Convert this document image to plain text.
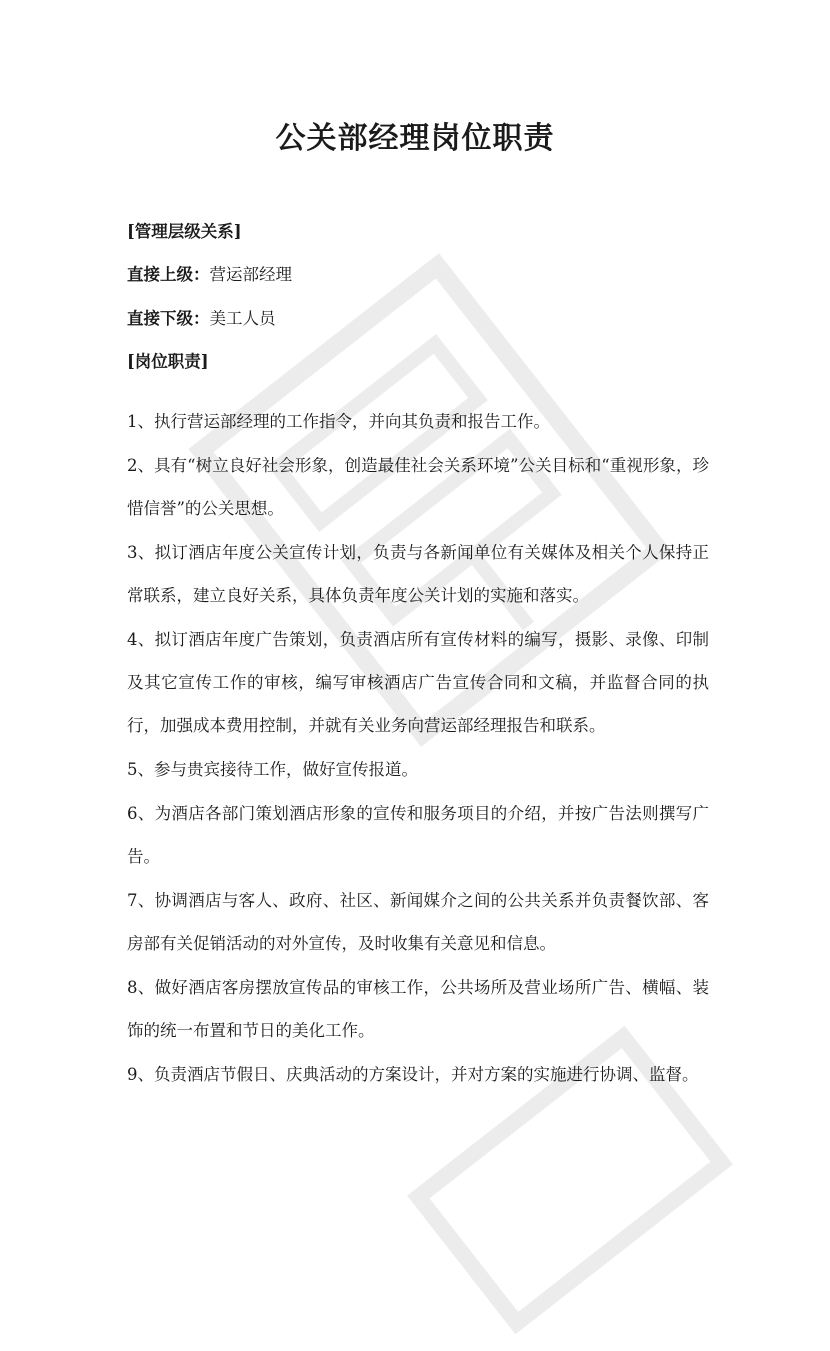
公关部经理岗位职责

[管理层级关系]

直接上级：营运部经理

直接下级：美工人员

[岗位职责]

1、执行营运部经理的工作指令，并向其负责和报告工作。

2、具有“树立良好社会形象，创造最佳社会关系环境”公关目标和“重视形象，珍惜信誉”的公关思想。

3、拟订酒店年度公关宣传计划，负责与各新闻单位有关媒体及相关个人保持正常联系，建立良好关系，具体负责年度公关计划的实施和落实。

4、拟订酒店年度广告策划，负责酒店所有宣传材料的编写，摄影、录像、印制及其它宣传工作的审核，编写审核酒店广告宣传合同和文稿，并监督合同的执行，加强成本费用控制，并就有关业务向营运部经理报告和联系。

5、参与贵宾接待工作，做好宣传报道。

6、为酒店各部门策划酒店形象的宣传和服务项目的介绍，并按广告法则撰写广告。

7、协调酒店与客人、政府、社区、新闻媒介之间的公共关系并负责餐饮部、客房部有关促销活动的对外宣传，及时收集有关意见和信息。

8、做好酒店客房摆放宣传品的审核工作，公共场所及营业场所广告、横幅、装饰的统一布置和节日的美化工作。

9、负责酒店节假日、庆典活动的方案设计，并对方案的实施进行协调、监督。
